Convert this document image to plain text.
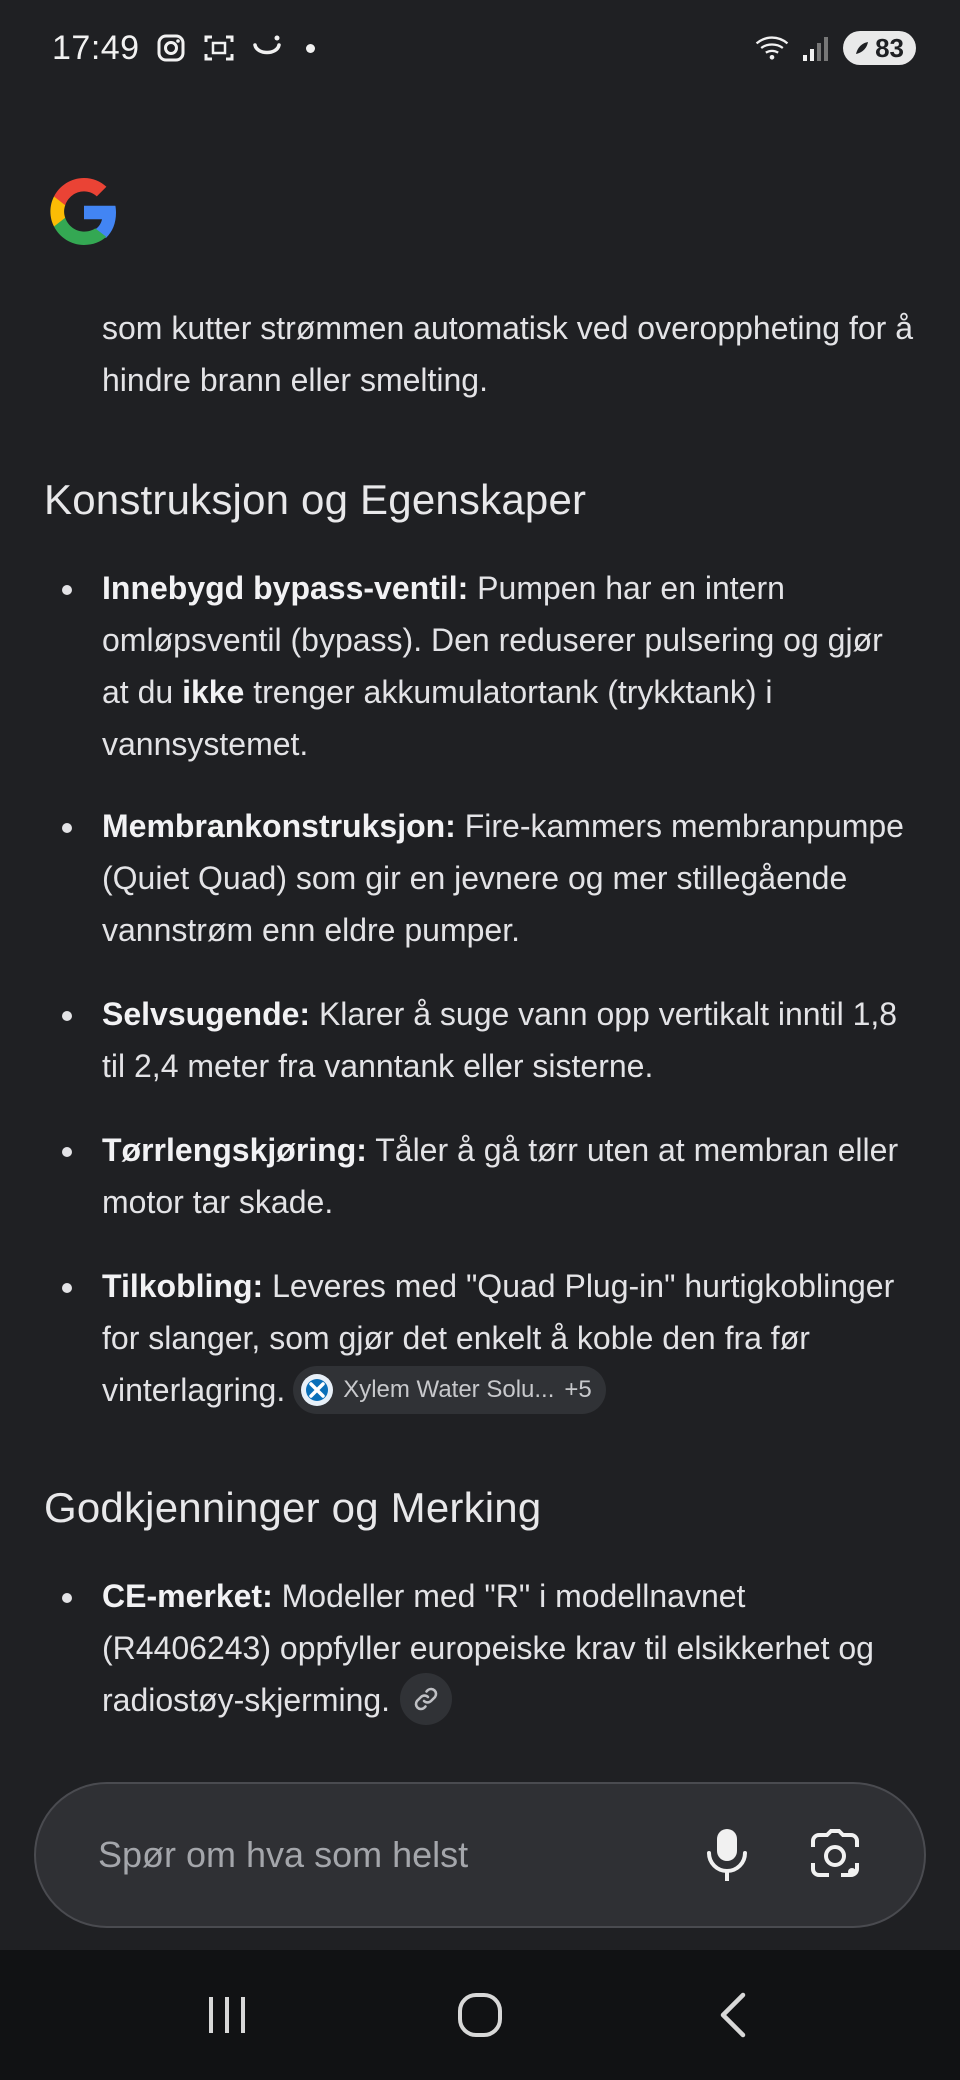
17:49	83

som kutter strømmen automatisk ved overoppheting for å hindre brann eller smelting.
Konstruksjon og Egenskaper
Innebygd bypass-ventil: Pumpen har en intern omløpsventil (bypass). Den reduserer pulsering og gjør at du ikke trenger akkumulatortank (trykktank) i vannsystemet.
Membrankonstruksjon: Fire-kammers membranpumpe (Quiet Quad) som gir en jevnere og mer stillegående vannstrøm enn eldre pumper.
Selvsugende: Klarer å suge vann opp vertikalt inntil 1,8 til 2,4 meter fra vanntank eller sisterne.
Tørrlengskjøring: Tåler å gå tørr uten at membran eller motor tar skade.
Tilkobling: Leveres med "Quad Plug-in" hurtigkoblinger for slanger, som gjør det enkelt å koble den fra før vinterlagring. Xylem Water Solu... +5
Godkjenninger og Merking
CE-merket: Modeller med "R" i modellnavnet (R4406243) oppfyller europeiske krav til elsikkerhet og radiostøy-skjerming.
Spør om hva som helst
